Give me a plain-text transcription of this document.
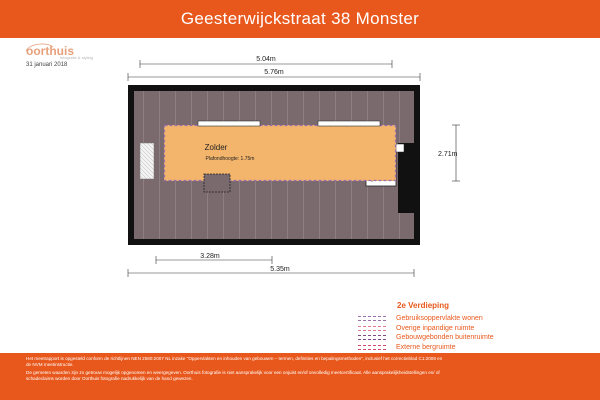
Geesterwijckstraat 38 Monster
oorthuis
fotografie & styling
31 januari 2018
5.04m
5.76m
Zolder
Plafondhoogte: 1.75m
2.71m
3.28m
5.35m
2e Verdieping
Gebruiksoppervlakte wonen
Overige inpandige ruimte
Gebouwgebonden buitenruimte
Externe bergruimte

Het meetrapport is opgesteld conform de richtlijnen NEN 2580:2007 NL inzake "Oppervlakten en inhouden van gebouwen – termen, definities en bepalingsmethoden", inclusief het correctieblad C1:2008 en de NVM meetinstructie.

De gemeten waarden zijn zo getrouw mogelijk opgenomen en weergegeven. Oorthuis fotografie is niet aansprakelijk voor een onjuist en/of onvolledig meetcertificaat. Alle aansprakelijkheidstellingen en/ of schadeclaims worden door Oorthuis fotografie nadrukkelijk van de hand gewezen.
